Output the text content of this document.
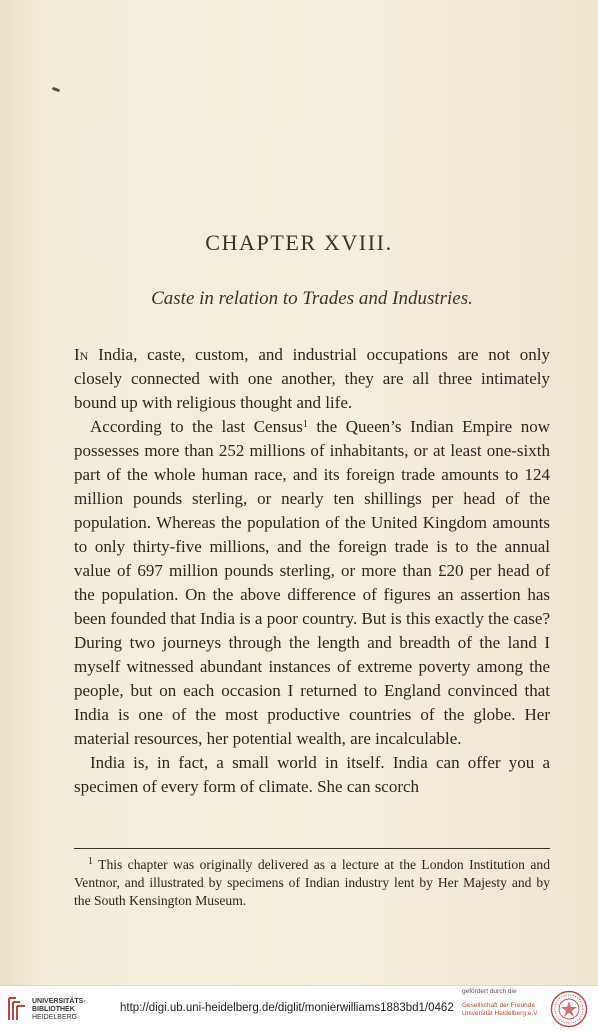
CHAPTER XVIII.
Caste in relation to Trades and Industries.

In India, caste, custom, and industrial occupations are not only closely connected with one another, they are all three intimately bound up with religious thought and life.

According to the last Census$^1$ the Queen’s Indian Empire now possesses more than 252 millions of inhabitants, or at least one-sixth part of the whole human race, and its foreign trade amounts to 124 million pounds sterling, or nearly ten shillings per head of the population. Whereas the population of the United Kingdom amounts to only thirty-five millions, and the foreign trade is to the annual value of 697 million pounds sterling, or more than £20 per head of the population. On the above difference of figures an assertion has been founded that India is a poor country. But is this exactly the case? During two journeys through the length and breadth of the land I myself witnessed abundant instances of extreme poverty among the people, but on each occasion I returned to England convinced that India is one of the most productive countries of the globe. Her material resources, her potential wealth, are incalculable.

India is, in fact, a small world in itself. India can offer you a specimen of every form of climate. She can scorch

$^1$ This chapter was originally delivered as a lecture at the London Institution and Ventnor, and illustrated by specimens of Indian industry lent by Her Majesty and by the South Kensington Museum.
UNIVERSITÄTS-
BIBLIOTHEK
HEIDELBERG
http://digi.ub.uni-heidelberg.de/diglit/monierwilliams1883bd1/0462
gefördert durch die
Gesellschaft der Freunde
Universität Heidelberg e.V.
